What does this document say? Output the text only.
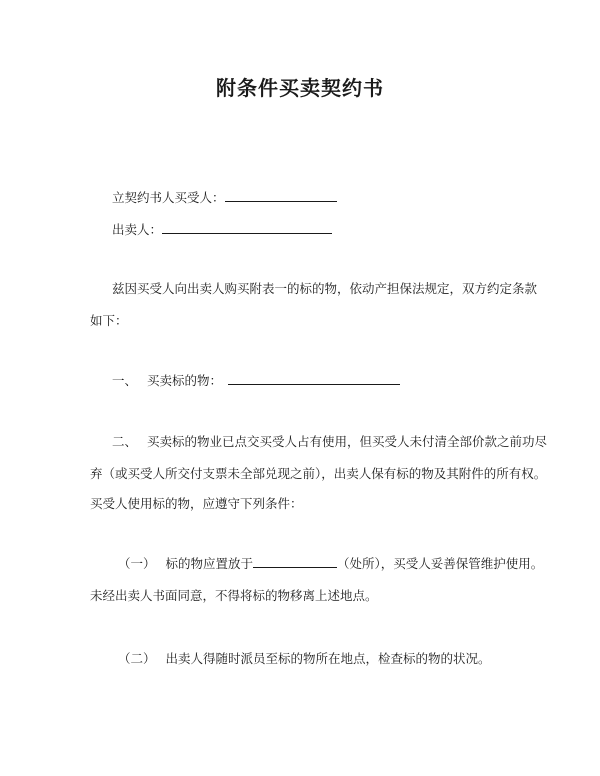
附条件买卖契约书
立契约书人买受人：
出卖人：
兹因买受人向出卖人购买附表一的标的物，依动产担保法规定，双方约定条款
如下：
一、 买卖标的物：
二、 买卖标的物业已点交买受人占有使用，但买受人未付清全部价款之前功尽
弃（或买受人所交付支票未全部兑现之前），出卖人保有标的物及其附件的所有权。
买受人使用标的物，应遵守下列条件：
（一） 标的物应置放于	（处所），买受人妥善保管维护使用。
未经出卖人书面同意，不得将标的物移离上述地点。
（二） 出卖人得随时派员至标的物所在地点，检查标的物的状况。
